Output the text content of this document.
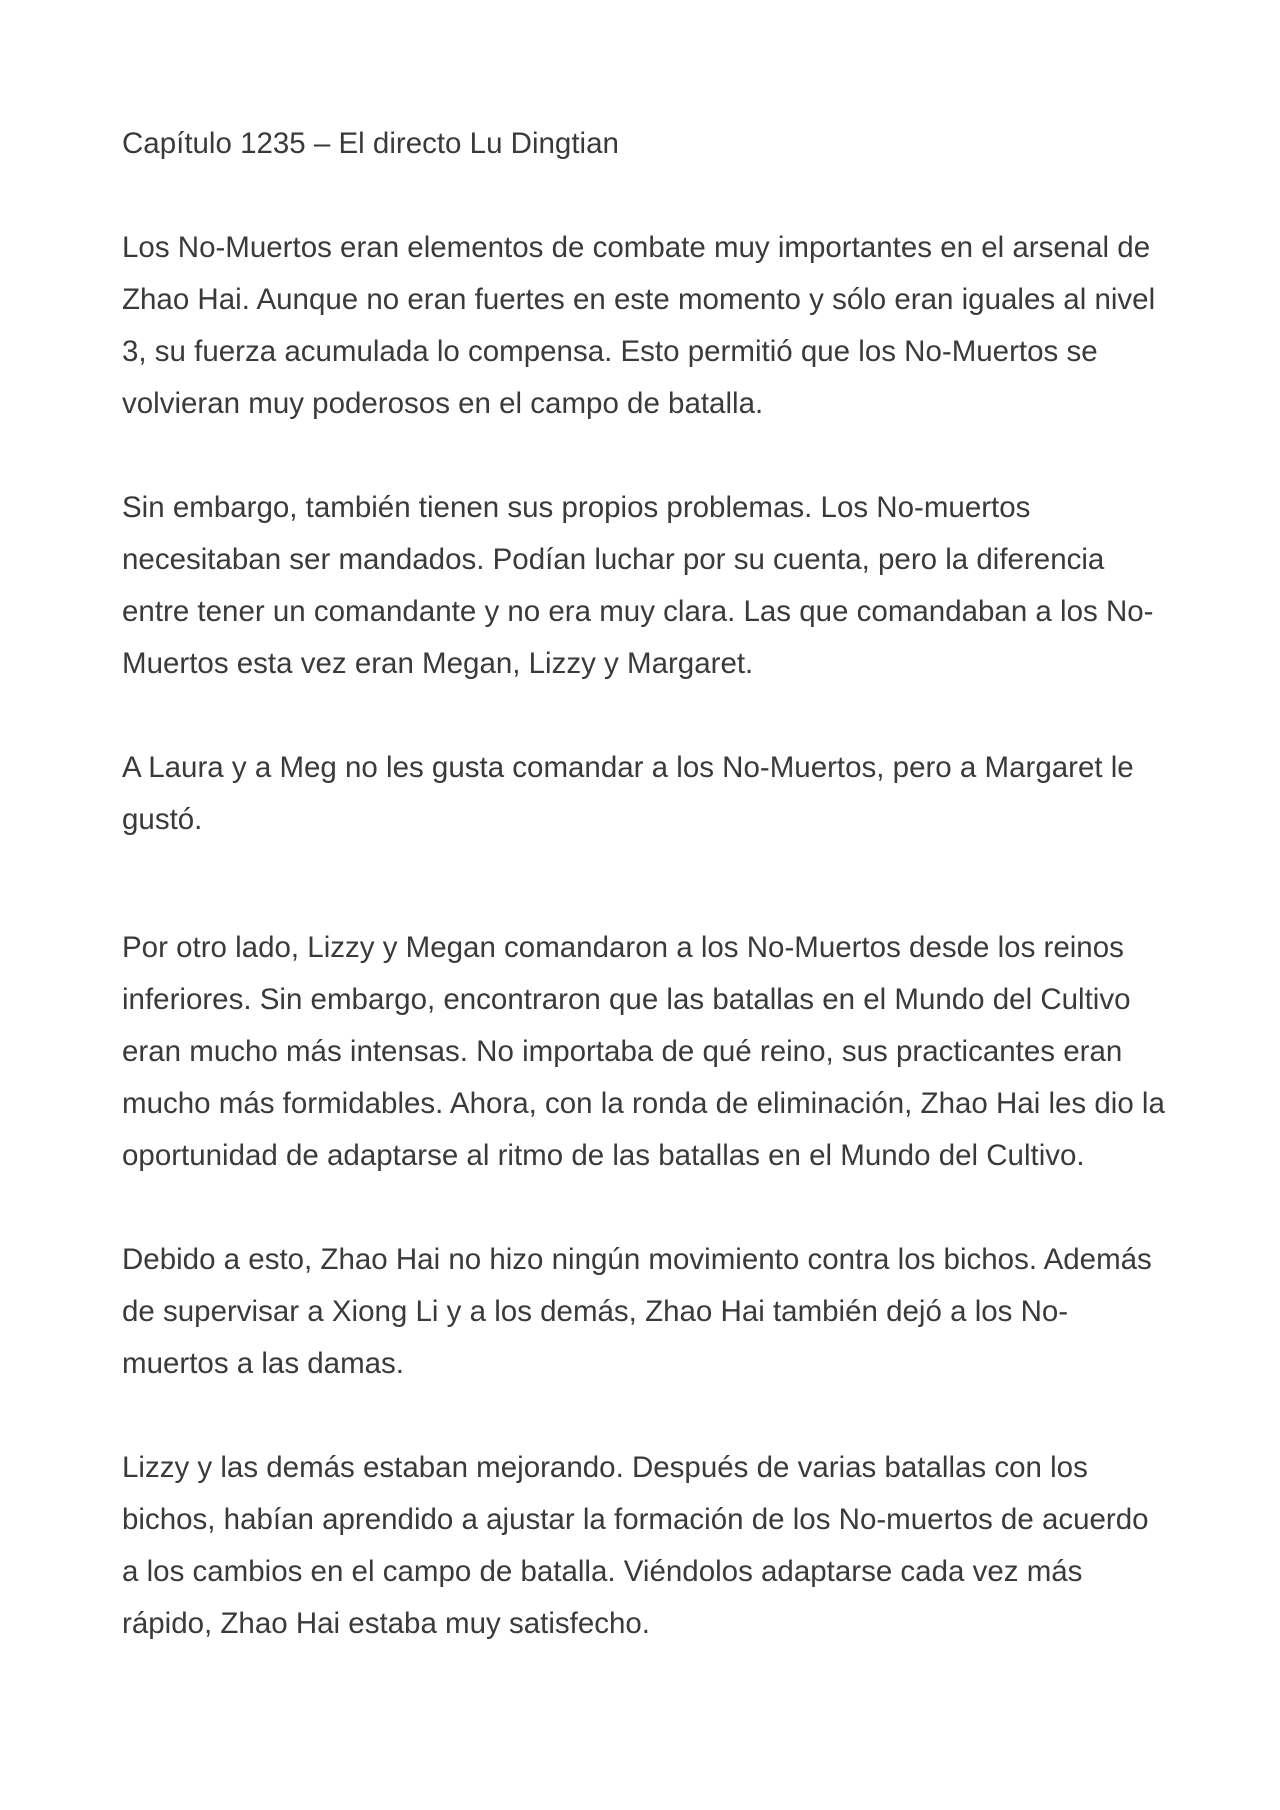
Capítulo 1235 – El directo Lu Dingtian

Los No-Muertos eran elementos de combate muy importantes en el arsenal de Zhao Hai. Aunque no eran fuertes en este momento y sólo eran iguales al nivel 3, su fuerza acumulada lo compensa. Esto permitió que los No-Muertos se volvieran muy poderosos en el campo de batalla.

Sin embargo, también tienen sus propios problemas. Los No-muertos necesitaban ser mandados. Podían luchar por su cuenta, pero la diferencia entre tener un comandante y no era muy clara. Las que comandaban a los No-Muertos esta vez eran Megan, Lizzy y Margaret.

A Laura y a Meg no les gusta comandar a los No-Muertos, pero a Margaret le gustó.

Por otro lado, Lizzy y Megan comandaron a los No-Muertos desde los reinos inferiores. Sin embargo, encontraron que las batallas en el Mundo del Cultivo eran mucho más intensas. No importaba de qué reino, sus practicantes eran mucho más formidables. Ahora, con la ronda de eliminación, Zhao Hai les dio la oportunidad de adaptarse al ritmo de las batallas en el Mundo del Cultivo.

Debido a esto, Zhao Hai no hizo ningún movimiento contra los bichos. Además de supervisar a Xiong Li y a los demás, Zhao Hai también dejó a los No-muertos a las damas.

Lizzy y las demás estaban mejorando. Después de varias batallas con los bichos, habían aprendido a ajustar la formación de los No-muertos de acuerdo a los cambios en el campo de batalla. Viéndolos adaptarse cada vez más rápido, Zhao Hai estaba muy satisfecho.
